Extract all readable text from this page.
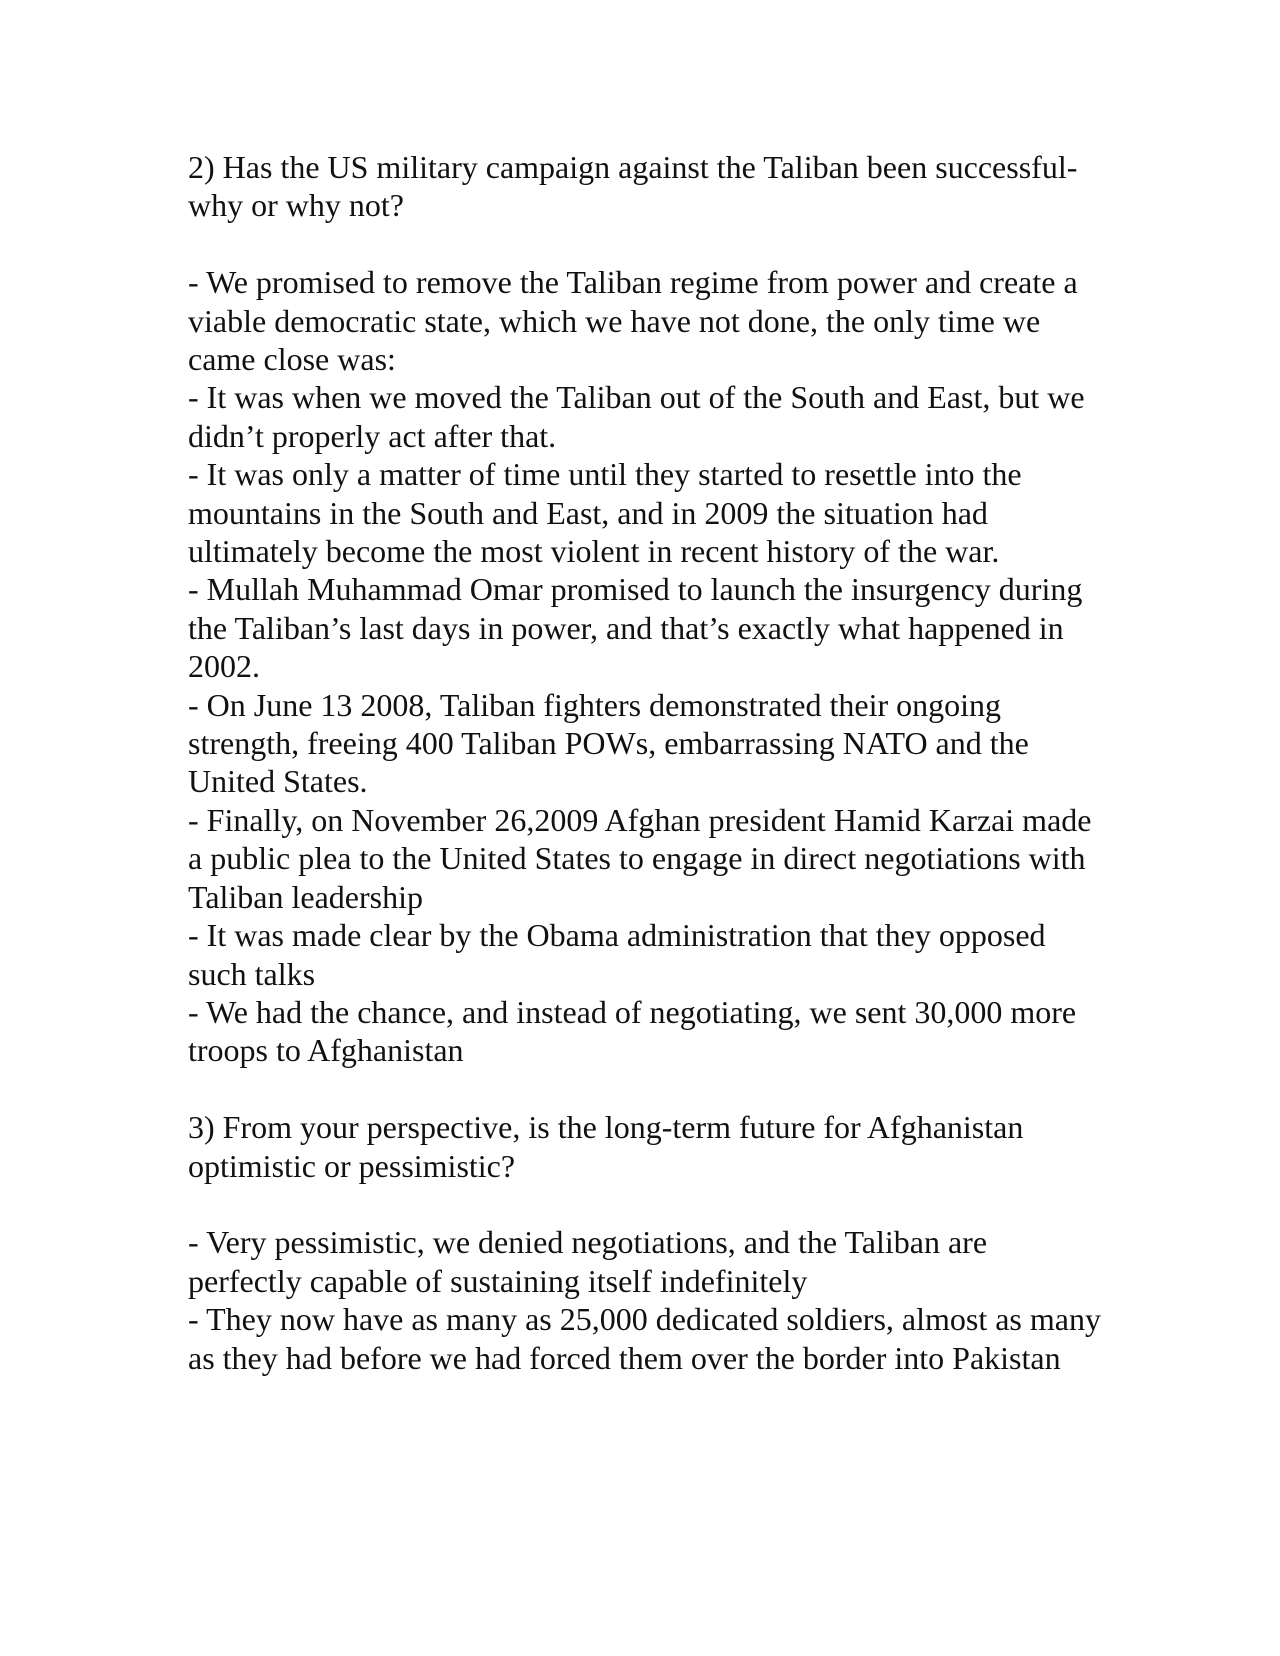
2) Has the US military campaign against the Taliban been successful- why or why not?

- We promised to remove the Taliban regime from power and create a viable democratic state, which we have not done, the only time we came close was:
- It was when we moved the Taliban out of the South and East, but we didn’t properly act after that.
- It was only a matter of time until they started to resettle into the mountains in the South and East, and in 2009 the situation had ultimately become the most violent in recent history of the war.
- Mullah Muhammad Omar promised to launch the insurgency during the Taliban’s last days in power, and that’s exactly what happened in 2002.
- On June 13 2008, Taliban fighters demonstrated their ongoing strength, freeing 400 Taliban POWs, embarrassing NATO and the United States.
- Finally, on November 26,2009 Afghan president Hamid Karzai made a public plea to the United States to engage in direct negotiations with Taliban leadership
- It was made clear by the Obama administration that they opposed such talks
- We had the chance, and instead of negotiating, we sent 30,000 more troops to Afghanistan

3) From your perspective, is the long-term future for Afghanistan optimistic or pessimistic?

- Very pessimistic, we denied negotiations, and the Taliban are perfectly capable of sustaining itself indefinitely
- They now have as many as 25,000 dedicated soldiers, almost as many as they had before we had forced them over the border into Pakistan
